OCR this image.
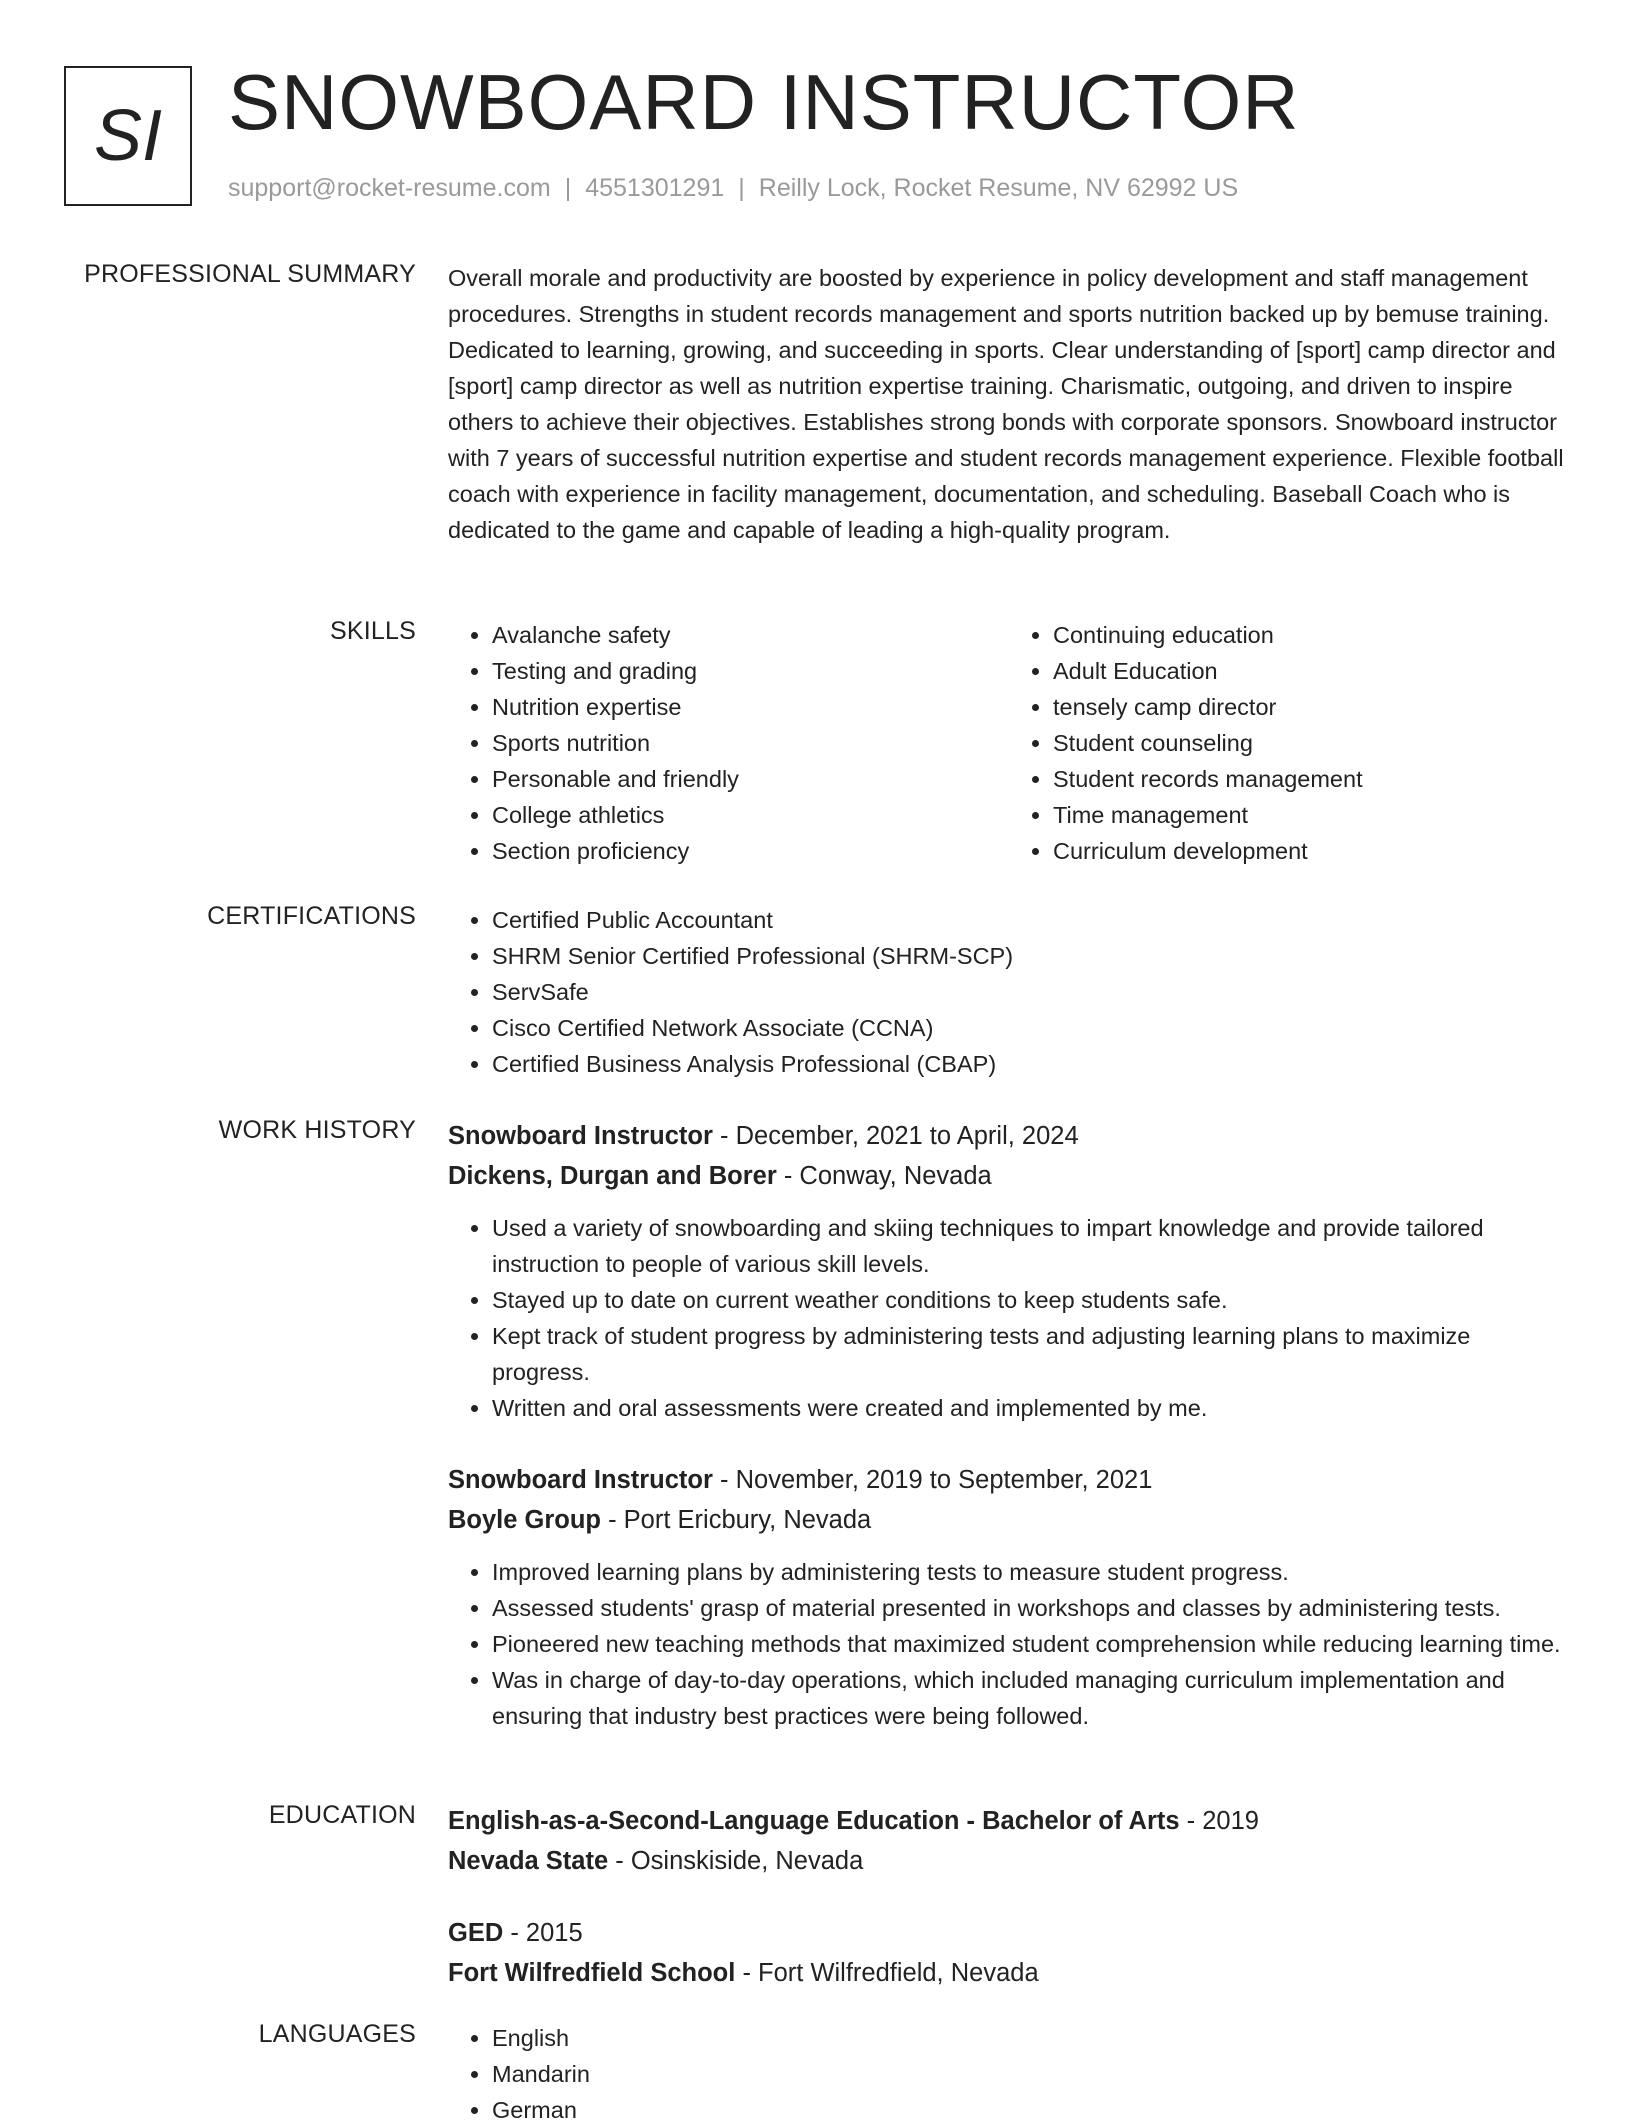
SI SNOWBOARD INSTRUCTOR
support@rocket-resume.com | 4551301291 | Reilly Lock, Rocket Resume, NV 62992 US
PROFESSIONAL SUMMARY Overall morale and productivity are boosted by experience in policy development and staff management procedures. Strengths in student records management and sports nutrition backed up by bemuse training. Dedicated to learning, growing, and succeeding in sports. Clear understanding of [sport] camp director and [sport] camp director as well as nutrition expertise training. Charismatic, outgoing, and driven to inspire others to achieve their objectives. Establishes strong bonds with corporate sponsors. Snowboard instructor with 7 years of successful nutrition expertise and student records management experience. Flexible football coach with experience in facility management, documentation, and scheduling. Baseball Coach who is dedicated to the game and capable of leading a high-quality program.

SKILLS	• Avalanche safety
• Testing and grading
• Nutrition expertise
• Sports nutrition
• Personable and friendly
• College athletics
• Section proficiency
• Continuing education
• Adult Education
• tensely camp director
• Student counseling
• Student records management
• Time management
• Curriculum development
CERTIFICATIONS	• Certified Public Accountant
• SHRM Senior Certified Professional (SHRM-SCP)
• ServSafe
• Cisco Certified Network Associate (CCNA)
• Certified Business Analysis Professional (CBAP)
WORK HISTORY Snowboard Instructor - December, 2021 to April, 2024
Dickens, Durgan and Borer - Conway, Nevada
• Used a variety of snowboarding and skiing techniques to impart knowledge and provide tailored instruction to people of various skill levels.
• Stayed up to date on current weather conditions to keep students safe.
• Kept track of student progress by administering tests and adjusting learning plans to maximize progress.
• Written and oral assessments were created and implemented by me.
Snowboard Instructor - November, 2019 to September, 2021
Boyle Group - Port Ericbury, Nevada
• Improved learning plans by administering tests to measure student progress.
• Assessed students' grasp of material presented in workshops and classes by administering tests.
• Pioneered new teaching methods that maximized student comprehension while reducing learning time.
• Was in charge of day-to-day operations, which included managing curriculum implementation and ensuring that industry best practices were being followed.
EDUCATION English-as-a-Second-Language Education - Bachelor of Arts - 2019
Nevada State - Osinskiside, Nevada
GED - 2015
Fort Wilfredfield School - Fort Wilfredfield, Nevada
LANGUAGES	• English
• Mandarin
• German
